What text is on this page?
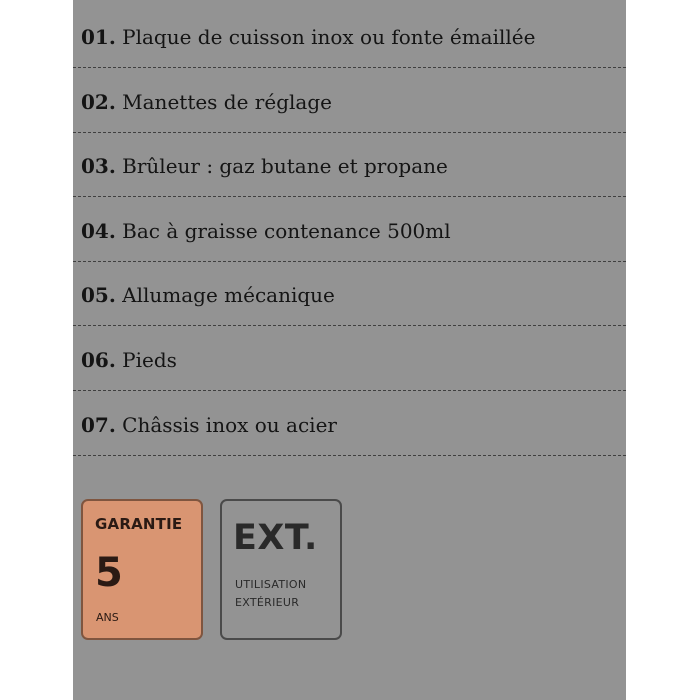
01. Plaque de cuisson inox ou fonte émaillée
02. Manettes de réglage
03. Brûleur : gaz butane et propane
04. Bac à graisse contenance 500ml
05. Allumage mécanique
06. Pieds
07. Châssis inox ou acier
GARANTIE
5
ANS
EXT.
UTILISATION
EXTÉRIEUR
